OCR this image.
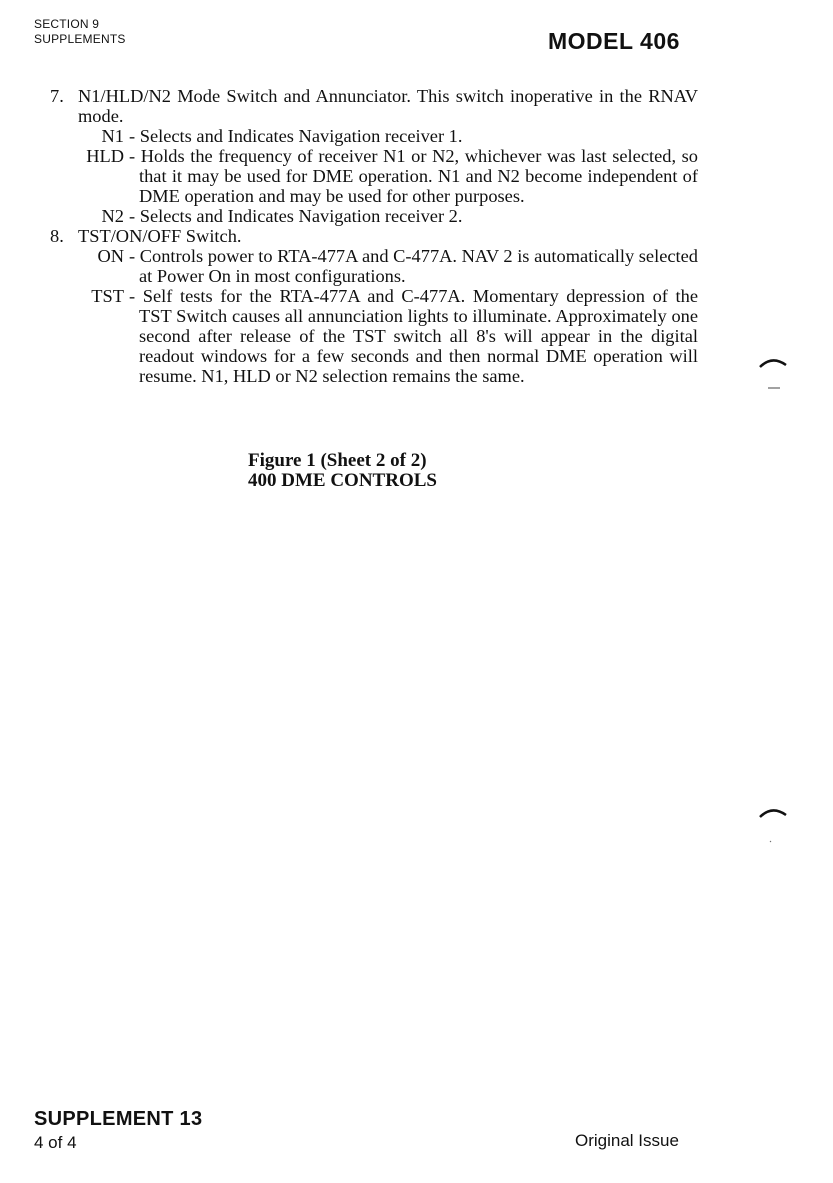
SECTION 9
SUPPLEMENTS	MODEL 406
7. N1/HLD/N2 Mode Switch and Annunciator. This switch inoperative in the RNAV mode.
N1 - Selects and Indicates Navigation receiver 1.
HLD - Holds the frequency of receiver N1 or N2, whichever was last selected, so that it may be used for DME operation. N1 and N2 become independent of DME operation and may be used for other purposes.
N2 - Selects and Indicates Navigation receiver 2.
8. TST/ON/OFF Switch.
ON - Controls power to RTA-477A and C-477A. NAV 2 is automatically selected at Power On in most configurations.
TST - Self tests for the RTA-477A and C-477A. Momentary depression of the TST Switch causes all annunciation lights to illuminate. Approximately one second after release of the TST switch all 8's will appear in the digital readout windows for a few seconds and then normal DME operation will resume. N1, HLD or N2 selection remains the same.
Figure 1 (Sheet 2 of 2)
400 DME CONTROLS
SUPPLEMENT 13
4 of 4	Original Issue
